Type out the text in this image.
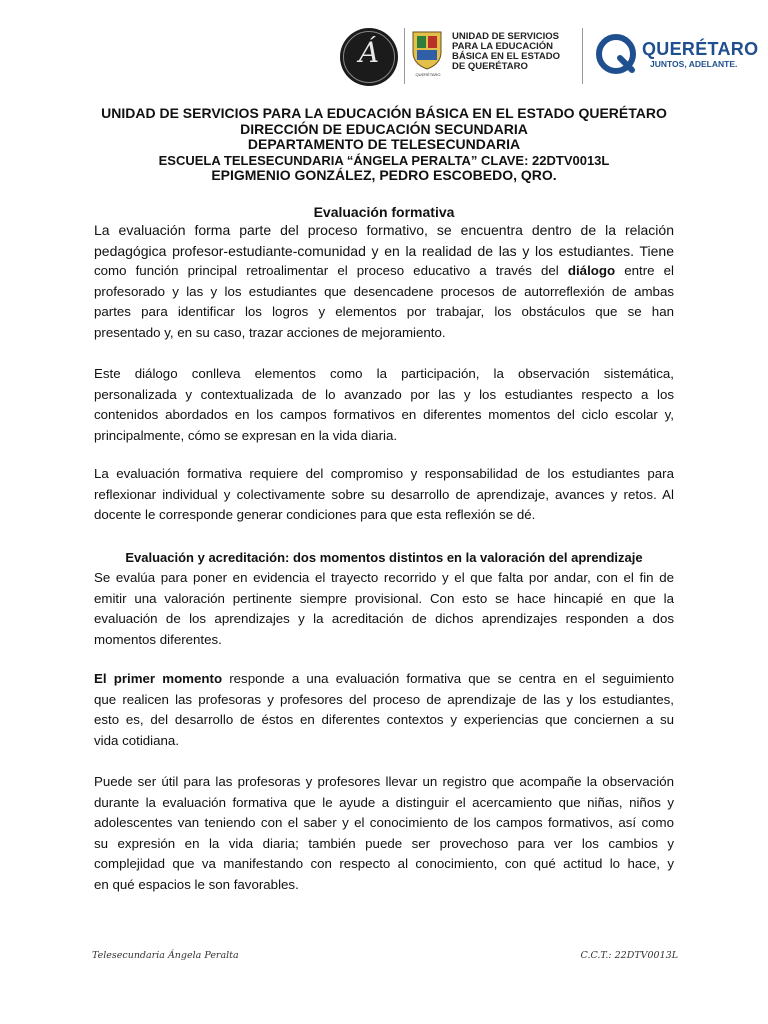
Á
QUERÉTARO
UNIDAD DE SERVICIOS
PARA LA EDUCACIÓN
BÁSICA EN EL ESTADO
DE QUERÉTARO
QUERÉTARO
JUNTOS, ADELANTE.
UNIDAD DE SERVICIOS PARA LA EDUCACIÓN BÁSICA EN EL ESTADO QUERÉTARO
DIRECCIÓN DE EDUCACIÓN SECUNDARIA
DEPARTAMENTO DE TELESECUNDARIA
ESCUELA TELESECUNDARIA “ÁNGELA PERALTA” CLAVE: 22DTV0013L
EPIGMENIO GONZÁLEZ, PEDRO ESCOBEDO, QRO.
Evaluación formativa
La evaluación forma parte del proceso formativo, se encuentra dentro de la relación
pedagógica profesor-estudiante-comunidad y en la realidad de las y los estudiantes. Tiene
como función principal retroalimentar el proceso educativo a través del diálogo entre el
profesorado y las y los estudiantes que desencadene procesos de autorreflexión de ambas
partes para identificar los logros y elementos por trabajar, los obstáculos que se han
presentado y, en su caso, trazar acciones de mejoramiento.
Este diálogo conlleva elementos como la participación, la observación sistemática,
personalizada y contextualizada de lo avanzado por las y los estudiantes respecto a los
contenidos abordados en los campos formativos en diferentes momentos del ciclo escolar y,
principalmente, cómo se expresan en la vida diaria.
La evaluación formativa requiere del compromiso y responsabilidad de los estudiantes para
reflexionar individual y colectivamente sobre su desarrollo de aprendizaje, avances y retos. Al
docente le corresponde generar condiciones para que esta reflexión se dé.
Evaluación y acreditación: dos momentos distintos en la valoración del aprendizaje
Se evalúa para poner en evidencia el trayecto recorrido y el que falta por andar, con el fin de
emitir una valoración pertinente siempre provisional. Con esto se hace hincapié en que la
evaluación de los aprendizajes y la acreditación de dichos aprendizajes responden a dos
momentos diferentes.
El primer momento responde a una evaluación formativa que se centra en el seguimiento
que realicen las profesoras y profesores del proceso de aprendizaje de las y los estudiantes,
esto es, del desarrollo de éstos en diferentes contextos y experiencias que conciernen a su
vida cotidiana.
Puede ser útil para las profesoras y profesores llevar un registro que acompañe la observación
durante la evaluación formativa que le ayude a distinguir el acercamiento que niñas, niños y
adolescentes van teniendo con el saber y el conocimiento de los campos formativos, así como
su expresión en la vida diaria; también puede ser provechoso para ver los cambios y
complejidad que va manifestando con respecto al conocimiento, con qué actitud lo hace, y
en qué espacios le son favorables.
Telesecundaria Ángela Peralta	C.C.T.: 22DTV0013L
